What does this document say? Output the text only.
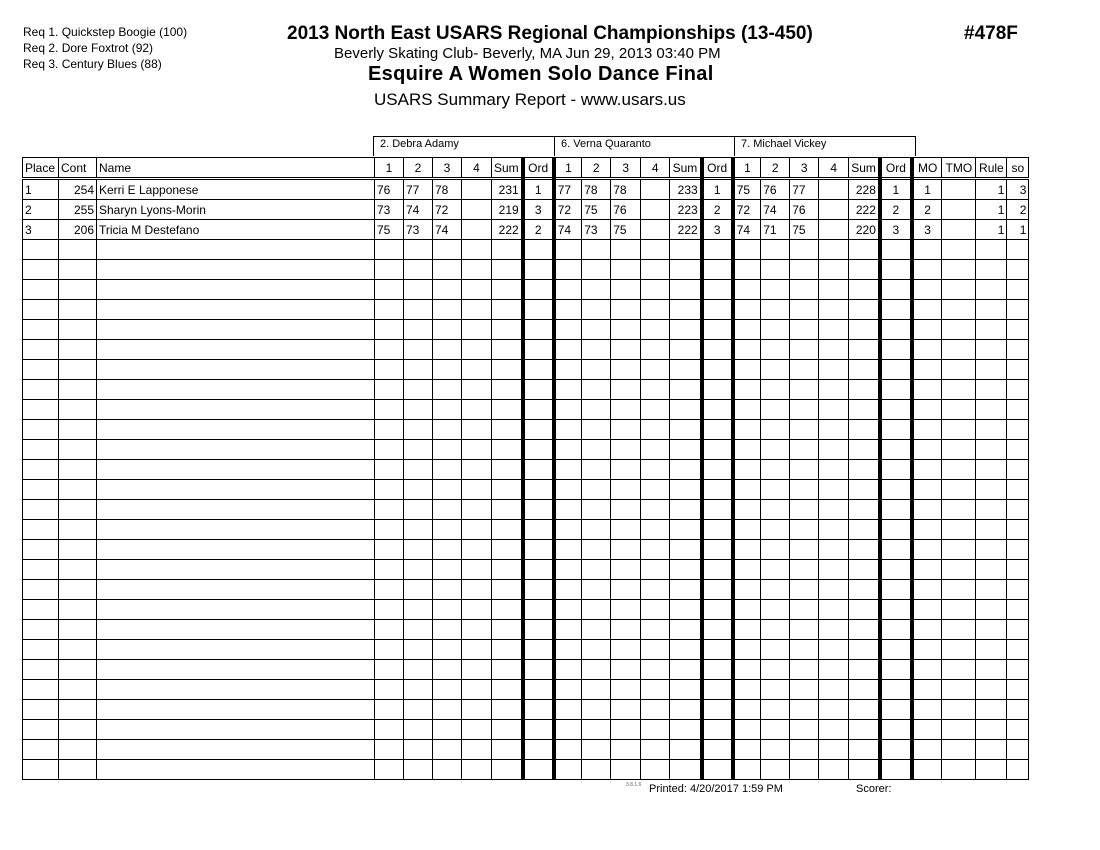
Req 1. Quickstep Boogie (100)
Req 2. Dore Foxtrot (92)
Req 3. Century Blues (88)
2013 North East USARS Regional Championships (13-450)
Beverly Skating Club- Beverly, MA Jun 29, 2013 03:40 PM
Esquire A Women Solo Dance Final
USARS Summary Report - www.usars.us
#478F
2. Debra Adamy	6. Verna Quaranto	7. Michael Vickey
Place	Cont	Name	1	2	3	4	Sum	Ord	1	2	3	4	Sum	Ord	1	2	3	4	Sum	Ord	MO	TMO	Rule	so
1	254	Kerri E Lapponese	76	77	78		231	1	77	78	78		233	1	75	76	77		228	1	1		1	3
2	255	Sharyn Lyons-Morin	73	74	72		219	3	72	75	76		223	2	72	74	76		222	2	2		1	2
3	206	Tricia M Destefano	75	73	74		222	2	74	73	75		222	3	74	71	75		220	3	3		1	1

3.8.1.6 Printed: 4/20/2017 1:59 PM	Scorer:
